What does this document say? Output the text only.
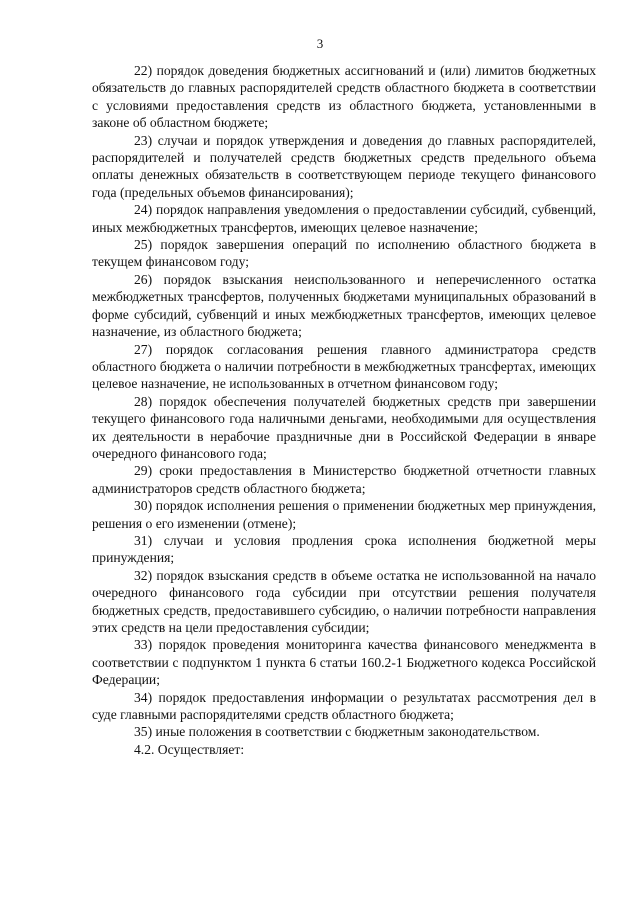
3

22) порядок доведения бюджетных ассигнований и (или) лимитов бюджетных обязательств до главных распорядителей средств областного бюджета в соответствии с условиями предоставления средств из областного бюджета, установленными в законе об областном бюджете;

23) случаи и порядок утверждения и доведения до главных распорядителей, распорядителей и получателей средств бюджетных средств предельного объема оплаты денежных обязательств в соответствующем периоде текущего финансового года (предельных объемов финансирования);

24) порядок направления уведомления о предоставлении субсидий, субвенций, иных межбюджетных трансфертов, имеющих целевое назначение;

25) порядок завершения операций по исполнению областного бюджета в текущем финансовом году;

26) порядок взыскания неиспользованного и неперечисленного остатка межбюджетных трансфертов, полученных бюджетами муниципальных образований в форме субсидий, субвенций и иных межбюджетных трансфертов, имеющих целевое назначение, из областного бюджета;

27) порядок согласования решения главного администратора средств областного бюджета о наличии потребности в межбюджетных трансфертах, имеющих целевое назначение, не использованных в отчетном финансовом году;

28) порядок обеспечения получателей бюджетных средств при завершении текущего финансового года наличными деньгами, необходимыми для осуществления их деятельности в нерабочие праздничные дни в Российской Федерации в январе очередного финансового года;

29) сроки предоставления в Министерство бюджетной отчетности главных администраторов средств областного бюджета;

30) порядок исполнения решения о применении бюджетных мер принуждения, решения о его изменении (отмене);

31) случаи и условия продления срока исполнения бюджетной меры принуждения;

32) порядок взыскания средств в объеме остатка не использованной на начало очередного финансового года субсидии при отсутствии решения получателя бюджетных средств, предоставившего субсидию, о наличии потребности направления этих средств на цели предоставления субсидии;

33) порядок проведения мониторинга качества финансового менеджмента в соответствии с подпунктом 1 пункта 6 статьи 160.2-1 Бюджетного кодекса Российской Федерации;

34) порядок предоставления информации о результатах рассмотрения дел в суде главными распорядителями средств областного бюджета;

35) иные положения в соответствии с бюджетным законодательством.

4.2. Осуществляет:
